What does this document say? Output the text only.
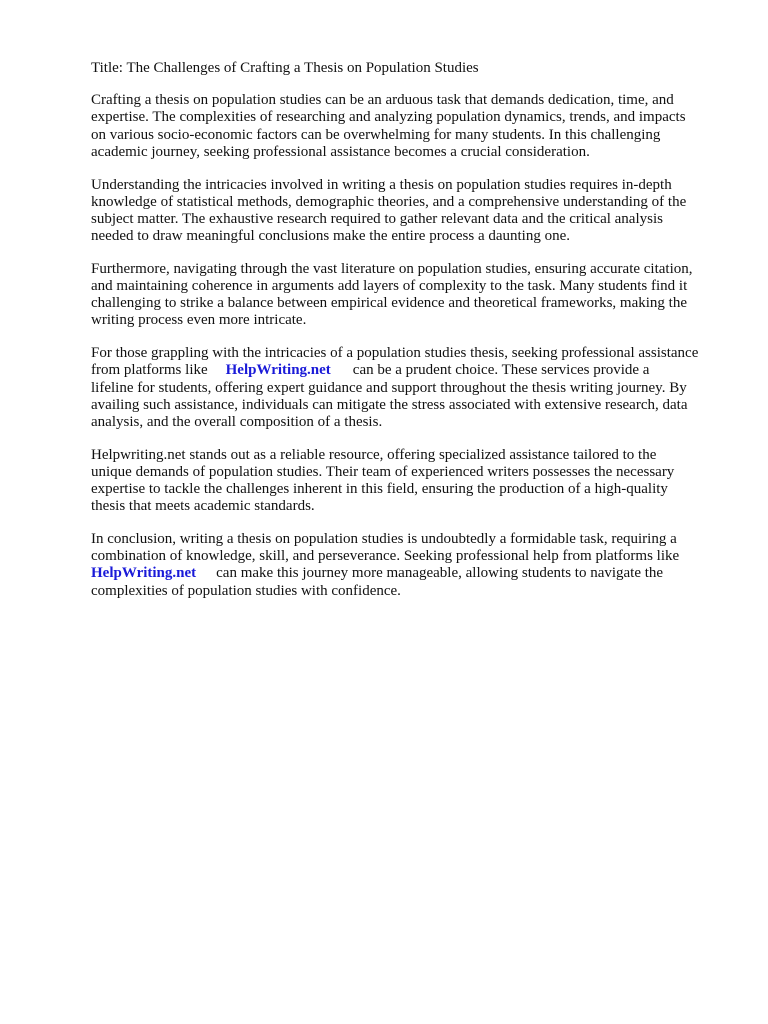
Title: The Challenges of Crafting a Thesis on Population Studies

Crafting a thesis on population studies can be an arduous task that demands dedication, time, and
expertise. The complexities of researching and analyzing population dynamics, trends, and impacts
on various socio-economic factors can be overwhelming for many students. In this challenging
academic journey, seeking professional assistance becomes a crucial consideration.

Understanding the intricacies involved in writing a thesis on population studies requires in-depth
knowledge of statistical methods, demographic theories, and a comprehensive understanding of the
subject matter. The exhaustive research required to gather relevant data and the critical analysis
needed to draw meaningful conclusions make the entire process a daunting one.

Furthermore, navigating through the vast literature on population studies, ensuring accurate citation,
and maintaining coherence in arguments add layers of complexity to the task. Many students find it
challenging to strike a balance between empirical evidence and theoretical frameworks, making the
writing process even more intricate.

For those grappling with the intricacies of a population studies thesis, seeking professional assistance
from platforms like HelpWriting.net can be a prudent choice. These services provide a
lifeline for students, offering expert guidance and support throughout the thesis writing journey. By
availing such assistance, individuals can mitigate the stress associated with extensive research, data
analysis, and the overall composition of a thesis.

Helpwriting.net stands out as a reliable resource, offering specialized assistance tailored to the
unique demands of population studies. Their team of experienced writers possesses the necessary
expertise to tackle the challenges inherent in this field, ensuring the production of a high-quality
thesis that meets academic standards.

In conclusion, writing a thesis on population studies is undoubtedly a formidable task, requiring a
combination of knowledge, skill, and perseverance. Seeking professional help from platforms like
HelpWriting.net can make this journey more manageable, allowing students to navigate the
complexities of population studies with confidence.
